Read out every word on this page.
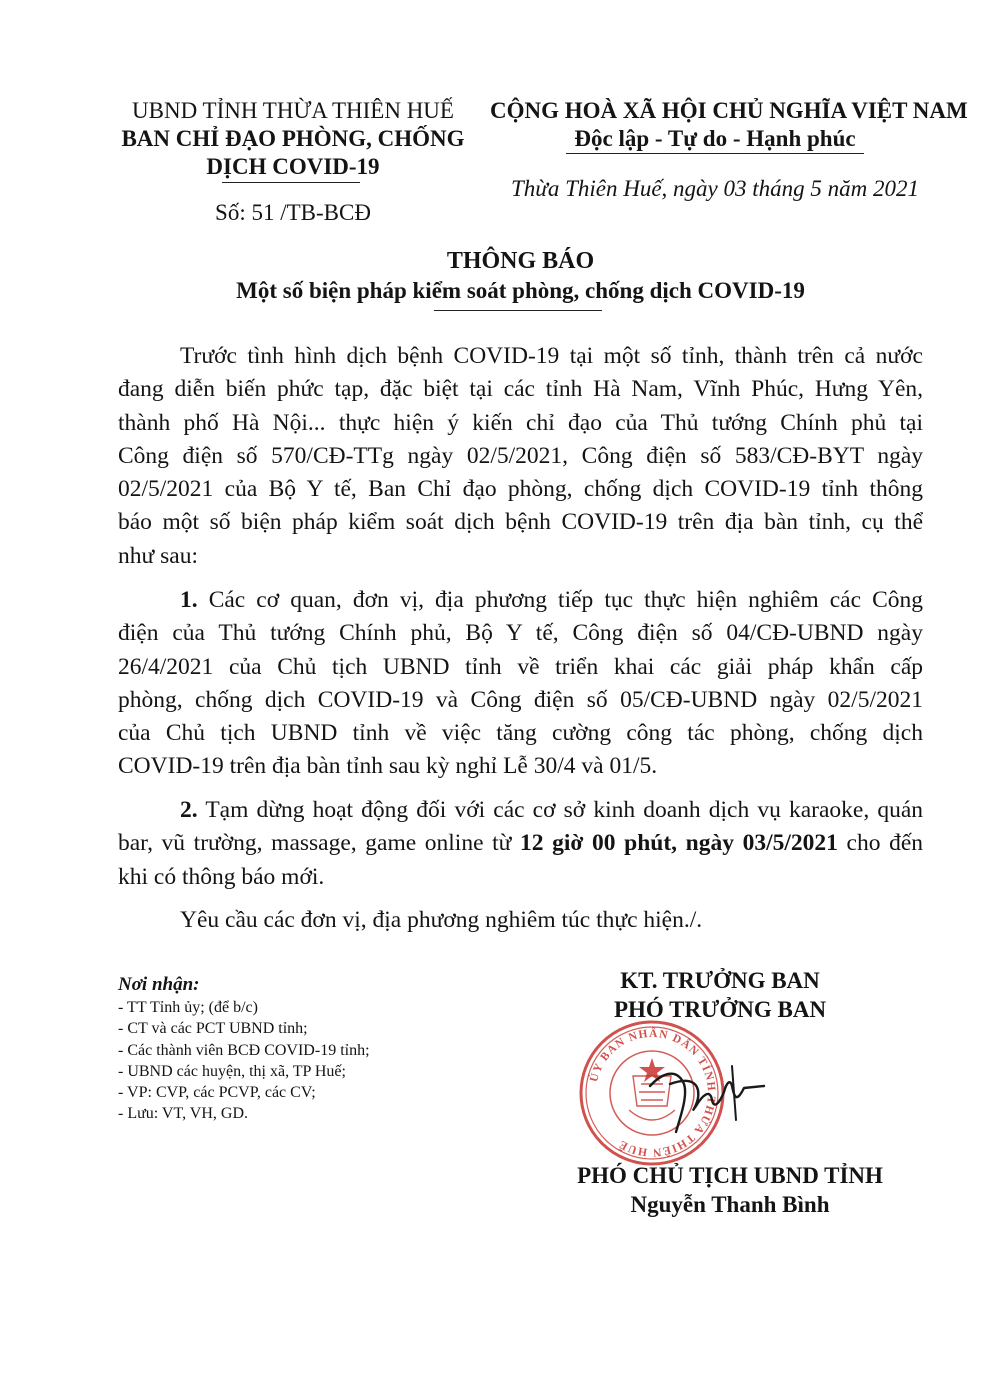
UBND TỈNH THỪA THIÊN HUẾ
BAN CHỈ ĐẠO PHÒNG, CHỐNG
DỊCH COVID-19
Số: 51 /TB-BCĐ
CỘNG HOÀ XÃ HỘI CHỦ NGHĨA VIỆT NAM
Độc lập - Tự do - Hạnh phúc
Thừa Thiên Huế, ngày 03 tháng 5 năm 2021
THÔNG BÁO
Một số biện pháp kiểm soát phòng, chống dịch COVID-19
Trước tình hình dịch bệnh COVID-19 tại một số tỉnh, thành trên cả nước
đang diễn biến phức tạp, đặc biệt tại các tỉnh Hà Nam, Vĩnh Phúc, Hưng Yên,
thành phố Hà Nội... thực hiện ý kiến chỉ đạo của Thủ tướng Chính phủ tại
Công điện số 570/CĐ-TTg ngày 02/5/2021, Công điện số 583/CĐ-BYT ngày
02/5/2021 của Bộ Y tế, Ban Chỉ đạo phòng, chống dịch COVID-19 tỉnh thông
báo một số biện pháp kiểm soát dịch bệnh COVID-19 trên địa bàn tỉnh, cụ thể
như sau:
1. Các cơ quan, đơn vị, địa phương tiếp tục thực hiện nghiêm các Công
điện của Thủ tướng Chính phủ, Bộ Y tế, Công điện số 04/CĐ-UBND ngày
26/4/2021 của Chủ tịch UBND tỉnh về triển khai các giải pháp khẩn cấp
phòng, chống dịch COVID-19 và Công điện số 05/CĐ-UBND ngày 02/5/2021
của Chủ tịch UBND tỉnh về việc tăng cường công tác phòng, chống dịch
COVID-19 trên địa bàn tỉnh sau kỳ nghỉ Lễ 30/4 và 01/5.
2. Tạm dừng hoạt động đối với các cơ sở kinh doanh dịch vụ karaoke, quán
bar, vũ trường, massage, game online từ 12 giờ 00 phút, ngày 03/5/2021 cho đến
khi có thông báo mới.
Yêu cầu các đơn vị, địa phương nghiêm túc thực hiện./.
Nơi nhận:
- TT Tỉnh ủy; (để b/c)
- CT và các PCT UBND tỉnh;
- Các thành viên BCĐ COVID-19 tỉnh;
- UBND các huyện, thị xã, TP Huế;
- VP: CVP, các PCVP, các CV;
- Lưu: VT, VH, GD.
KT. TRƯỞNG BAN
PHÓ TRƯỞNG BAN
ỦY BAN NHÂN DÂN TỈNH THỪA THIÊN HUẾ
PHÓ CHỦ TỊCH UBND TỈNH
Nguyễn Thanh Bình
